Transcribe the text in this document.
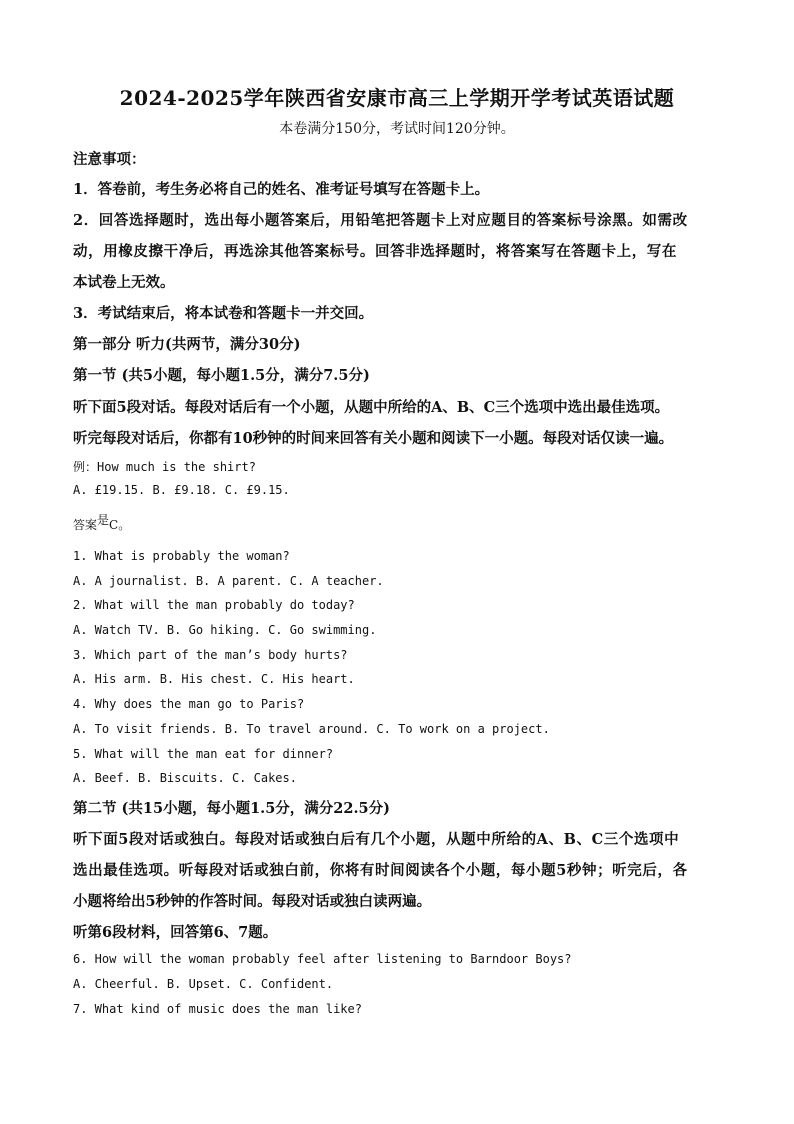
2024-2025学年陕西省安康市高三上学期开学考试英语试题
本卷满分150分，考试时间120分钟。
注意事项：
1．答卷前，考生务必将自己的姓名、准考证号填写在答题卡上。
2．回答选择题时，选出每小题答案后，用铅笔把答题卡上对应题目的答案标号涂黑。如需改
动，用橡皮擦干净后，再选涂其他答案标号。回答非选择题时，将答案写在答题卡上，写在
本试卷上无效。
3．考试结束后，将本试卷和答题卡一并交回。
第一部分 听力(共两节，满分30分)
第一节 (共5小题，每小题1.5分，满分7.5分)
听下面5段对话。每段对话后有一个小题，从题中所给的A、B、C三个选项中选出最佳选项。
听完每段对话后，你都有10秒钟的时间来回答有关小题和阅读下一小题。每段对话仅读一遍。
例：How much is the shirt?
A. £19.15. B. £9.18. C. £9.15.
答案$^是$C。
1. What is probably the woman?
A. A journalist. B. A parent. C. A teacher.
2. What will the man probably do today?
A. Watch TV. B. Go hiking. C. Go swimming.
3. Which part of the man’s body hurts?
A. His arm. B. His chest. C. His heart.
4. Why does the man go to Paris?
A. To visit friends. B. To travel around. C. To work on a project.
5. What will the man eat for dinner?
A. Beef. B. Biscuits. C. Cakes.
第二节 (共15小题，每小题1.5分，满分22.5分)
听下面5段对话或独白。每段对话或独白后有几个小题，从题中所给的A、B、C三个选项中
选出最佳选项。听每段对话或独白前，你将有时间阅读各个小题，每小题5秒钟；听完后，各
小题将给出5秒钟的作答时间。每段对话或独白读两遍。
听第6段材料，回答第6、7题。
6. How will the woman probably feel after listening to Barndoor Boys?
A. Cheerful. B. Upset. C. Confident.
7. What kind of music does the man like?
